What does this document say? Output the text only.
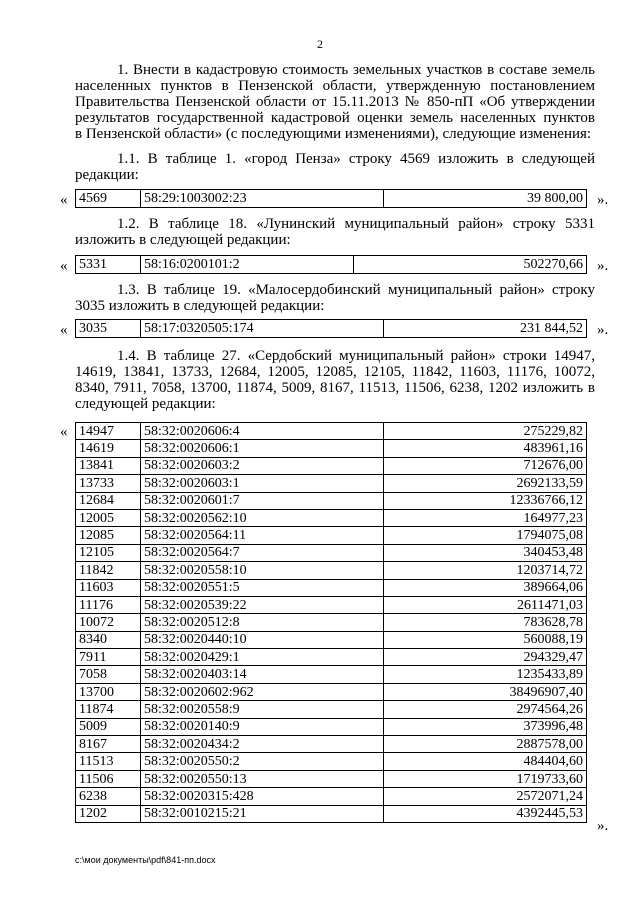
2
1. Внести в кадастровую стоимость земельных участков в составе земель
населенных пунктов в Пензенской области, утвержденную постановлением
Правительства Пензенской области от 15.11.2013 № 850-пП «Об утверждении
результатов государственной кадастровой оценки земель населенных пунктов
в Пензенской области» (с последующими изменениями), следующие изменения:
1.1. В таблице 1. «город Пенза» строку 4569 изложить в следующей редакции:
« 4569	58:29:1003002:23	39 800,00 ».
1.2. В таблице 18. «Лунинский муниципальный район» строку 5331 изложить в следующей редакции:
« 5331	58:16:0200101:2	502270,66 ».
1.3. В таблице 19. «Малосердобинский муниципальный район» строку 3035 изложить в следующей редакции:
« 3035	58:17:0320505:174	231 844,52 ».
1.4. В таблице 27. «Сердобский муниципальный район» строки 14947, 14619, 13841, 13733, 12684, 12005, 12085, 12105, 11842, 11603, 11176, 10072, 8340, 7911, 7058, 13700, 11874, 5009, 8167, 11513, 11506, 6238, 1202 изложить в следующей редакции:
« 14947	58:32:0020606:4	275229,82
14619	58:32:0020606:1	483961,16
13841	58:32:0020603:2	712676,00
13733	58:32:0020603:1	2692133,59
12684	58:32:0020601:7	12336766,12
12005	58:32:0020562:10	164977,23
12085	58:32:0020564:11	1794075,08
12105	58:32:0020564:7	340453,48
11842	58:32:0020558:10	1203714,72
11603	58:32:0020551:5	389664,06
11176	58:32:0020539:22	2611471,03
10072	58:32:0020512:8	783628,78
8340	58:32:0020440:10	560088,19
7911	58:32:0020429:1	294329,47
7058	58:32:0020403:14	1235433,89
13700	58:32:0020602:962	38496907,40
11874	58:32:0020558:9	2974564,26
5009	58:32:0020140:9	373996,48
8167	58:32:0020434:2	2887578,00
11513	58:32:0020550:2	484404,60
11506	58:32:0020550:13	1719733,60
6238	58:32:0020315:428	2572071,24
1202	58:32:0010215:21	4392445,53
».
c:\мои документы\pdf\841-пп.docx
